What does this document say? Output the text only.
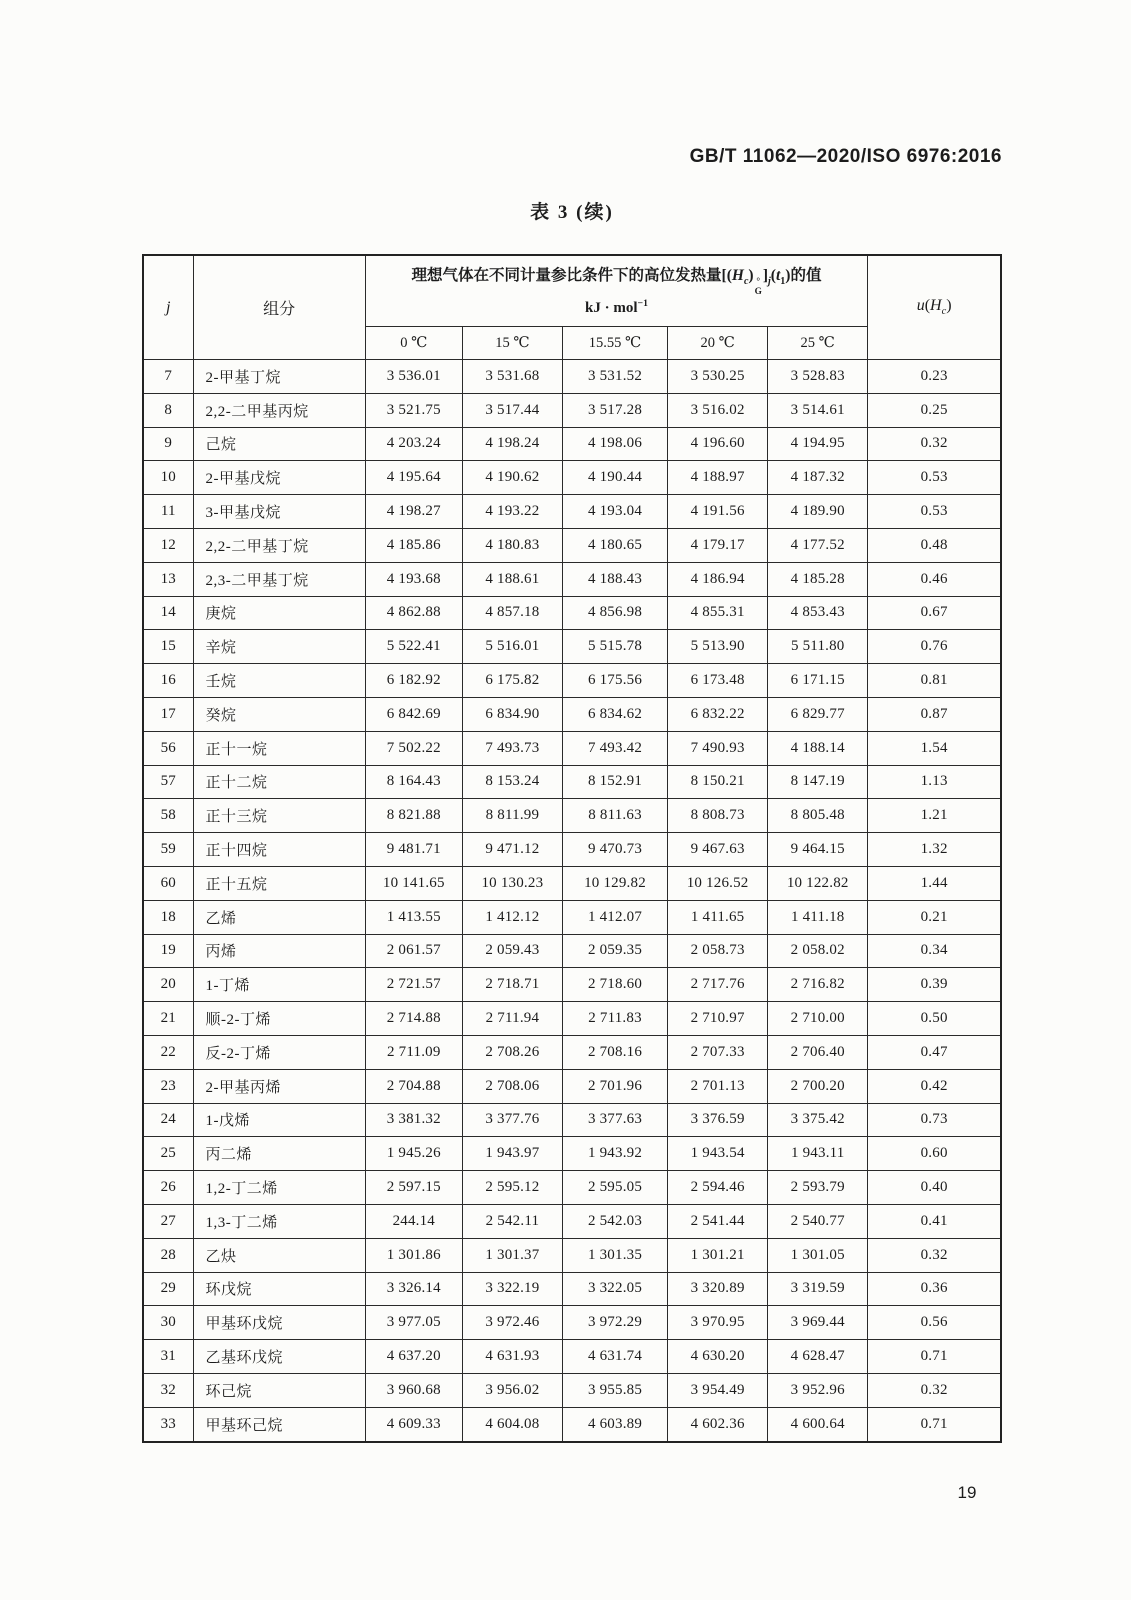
GB/T 11062—2020/ISO 6976:2016
表 3 (续)
j	组分	理想气体在不同计量参比条件下的高位发热量[$(H_c)$ °
G
]$_j(t_1)$的值
kJ · mol$^{-1}$					$u(H_c)$
		0 ℃	15 ℃	15.55 ℃	20 ℃	25 ℃	
7	2-甲基丁烷	3 536.01	3 531.68	3 531.52	3 530.25	3 528.83	0.23
8	2,2-二甲基丙烷	3 521.75	3 517.44	3 517.28	3 516.02	3 514.61	0.25
9	己烷	4 203.24	4 198.24	4 198.06	4 196.60	4 194.95	0.32
10	2-甲基戊烷	4 195.64	4 190.62	4 190.44	4 188.97	4 187.32	0.53
11	3-甲基戊烷	4 198.27	4 193.22	4 193.04	4 191.56	4 189.90	0.53
12	2,2-二甲基丁烷	4 185.86	4 180.83	4 180.65	4 179.17	4 177.52	0.48
13	2,3-二甲基丁烷	4 193.68	4 188.61	4 188.43	4 186.94	4 185.28	0.46
14	庚烷	4 862.88	4 857.18	4 856.98	4 855.31	4 853.43	0.67
15	辛烷	5 522.41	5 516.01	5 515.78	5 513.90	5 511.80	0.76
16	壬烷	6 182.92	6 175.82	6 175.56	6 173.48	6 171.15	0.81
17	癸烷	6 842.69	6 834.90	6 834.62	6 832.22	6 829.77	0.87
56	正十一烷	7 502.22	7 493.73	7 493.42	7 490.93	4 188.14	1.54
57	正十二烷	8 164.43	8 153.24	8 152.91	8 150.21	8 147.19	1.13
58	正十三烷	8 821.88	8 811.99	8 811.63	8 808.73	8 805.48	1.21
59	正十四烷	9 481.71	9 471.12	9 470.73	9 467.63	9 464.15	1.32
60	正十五烷	10 141.65	10 130.23	10 129.82	10 126.52	10 122.82	1.44
18	乙烯	1 413.55	1 412.12	1 412.07	1 411.65	1 411.18	0.21
19	丙烯	2 061.57	2 059.43	2 059.35	2 058.73	2 058.02	0.34
20	1-丁烯	2 721.57	2 718.71	2 718.60	2 717.76	2 716.82	0.39
21	顺-2-丁烯	2 714.88	2 711.94	2 711.83	2 710.97	2 710.00	0.50
22	反-2-丁烯	2 711.09	2 708.26	2 708.16	2 707.33	2 706.40	0.47
23	2-甲基丙烯	2 704.88	2 708.06	2 701.96	2 701.13	2 700.20	0.42
24	1-戊烯	3 381.32	3 377.76	3 377.63	3 376.59	3 375.42	0.73
25	丙二烯	1 945.26	1 943.97	1 943.92	1 943.54	1 943.11	0.60
26	1,2-丁二烯	2 597.15	2 595.12	2 595.05	2 594.46	2 593.79	0.40
27	1,3-丁二烯	244.14	2 542.11	2 542.03	2 541.44	2 540.77	0.41
28	乙炔	1 301.86	1 301.37	1 301.35	1 301.21	1 301.05	0.32
29	环戊烷	3 326.14	3 322.19	3 322.05	3 320.89	3 319.59	0.36
30	甲基环戊烷	3 977.05	3 972.46	3 972.29	3 970.95	3 969.44	0.56
31	乙基环戊烷	4 637.20	4 631.93	4 631.74	4 630.20	4 628.47	0.71
32	环己烷	3 960.68	3 956.02	3 955.85	3 954.49	3 952.96	0.32
33	甲基环己烷	4 609.33	4 604.08	4 603.89	4 602.36	4 600.64	0.71
19
